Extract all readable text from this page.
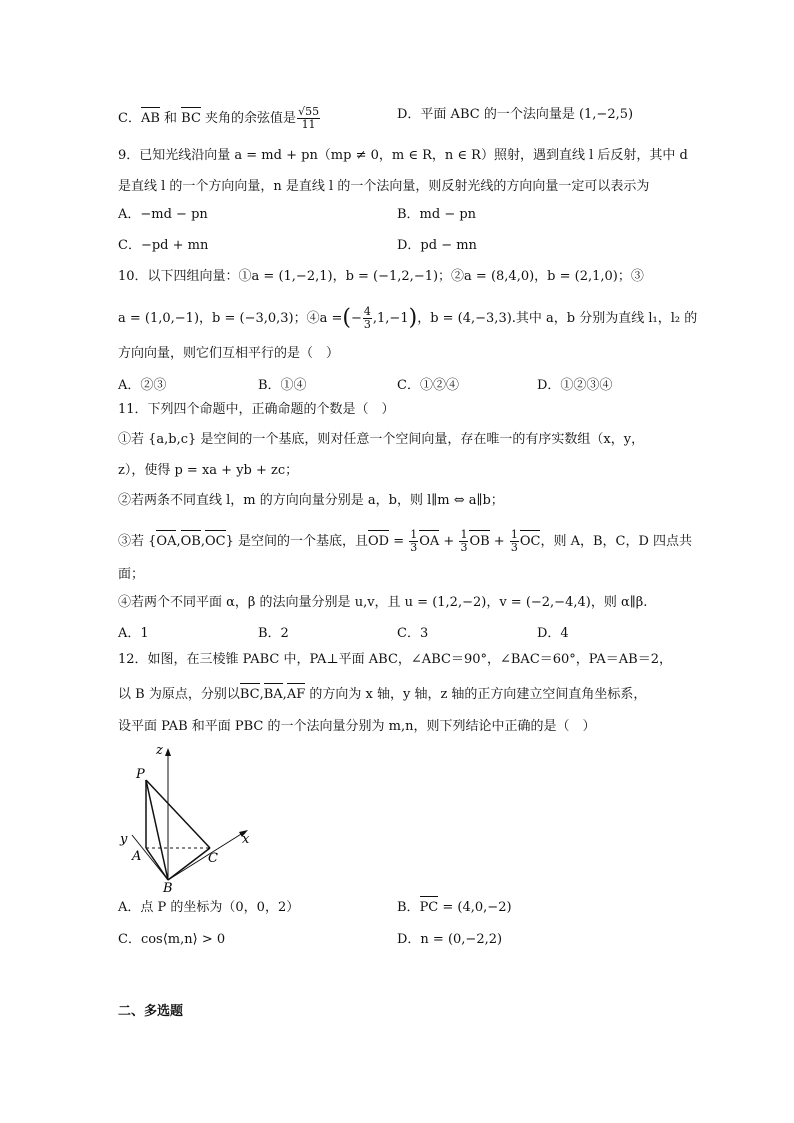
C．AB 和 BC 夹角的余弦值是 $\frac{√55}{11}$	D．平面 ABC 的一个法向量是 (1,−2,5)
9．已知光线沿向量 a = md + pn（mp ≠ 0，m ∈ R，n ∈ R）照射，遇到直线 l 后反射，其中 d
是直线 l 的一个方向向量，n 是直线 l 的一个法向量，则反射光线的方向向量一定可以表示为
A．−md − pn	B．md − pn
C．−pd + mn	D．pd − mn
10．以下四组向量：①a = (1,−2,1)，b = (−1,2,−1)；②a = (8,4,0)，b = (2,1,0)；③
a = (1,0,−1)，b = (−3,0,3)；④a =(− $\frac{4}{3} ,1,-1$)，b = (4,−3,3).其中 a，b 分别为直线 l₁，l₂ 的
方向向量，则它们互相平行的是（　）
A．②③	B．①④	C．①②④	D．①②③④
11．下列四个命题中，正确命题的个数是（　）
①若 {a,b,c} 是空间的一个基底，则对任意一个空间向量，存在唯一的有序实数组（x，y，
z），使得 p = xa + yb + zc；
②若两条不同直线 l，m 的方向向量分别是 a，b，则 l∥m ⇔ a∥b；
③若 {OA,OB,OC} 是空间的一个基底，且OD = $\frac{1}{3}$ OA + $\frac{1}{3}$ OB + $\frac{1}{3}$ OC，则 A，B，C，D 四点共
面；
④若两个不同平面 α，β 的法向量分别是 u,v，且 u = (1,2,−2)，v = (−2,−4,4)，则 α∥β.
A．1	B．2	C．3	D．4
12．如图，在三棱锥 PABC 中，PA⊥平面 ABC，∠ABC＝90°，∠BAC＝60°，PA＝AB＝2，
以 B 为原点，分别以BC,BA,AF 的方向为 x 轴，y 轴，z 轴的正方向建立空间直角坐标系，
设平面 PAB 和平面 PBC 的一个法向量分别为 m,n，则下列结论中正确的是（　）
z
P
y
A	C
x
B
A．点 P 的坐标为（0，0，2）	B．PC = (4,0,−2)
C．cos⟨m,n⟩ > 0	D．n = (0,−2,2)
二、多选题
